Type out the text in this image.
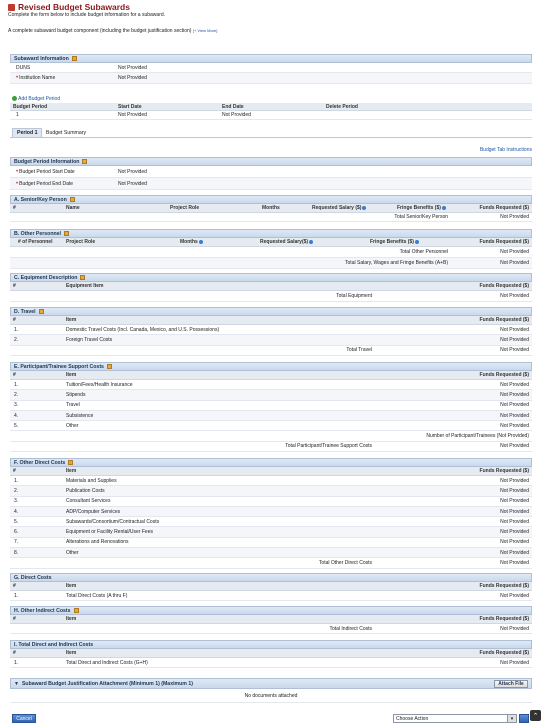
Revised Budget Subawards
Complete the form below to include budget information for a subaward.
A complete subaward budget component (including the budget justification section) [+ View More]
Subaward Information
DUNS	Not Provided
•Institution Name	Not Provided
Add Budget Period
Budget Period	Start Date	End Date	Delete Period
1	Not Provided	Not Provided
Period 1	Budget Summary
Budget Tab Instructions
Budget Period Information
•Budget Period Start Date	Not Provided
•Budget Period End Date	Not Provided
A. Senior/Key Person
#	Name	Project Role	Months	Requested Salary ($)	Fringe Benefits ($)	Funds Requested ($)
Total Senior/Key Person	Not Provided
B. Other Personnel
# of Personnel	Project Role	Months	Requested Salary($)	Fringe Benefits ($)	Funds Requested ($)
Total Other Personnel	Not Provided
Total Salary, Wages and Fringe Benefits (A+B)	Not Provided
C. Equipment Description
#	Equipment Item	Funds Requested ($)
Total Equipment	Not Provided
D. Travel
#	Item	Funds Requested ($)
1.	Domestic Travel Costs (Incl. Canada, Mexico, and U.S. Possessions)	Not Provided
2.	Foreign Travel Costs	Not Provided
Total Travel	Not Provided
E. Participant/Trainee Support Costs
#	Item	Funds Requested ($)
1.	Tuition/Fees/Health Insurance	Not Provided
2.	Stipends	Not Provided
3.	Travel	Not Provided
4.	Subsistence	Not Provided
5.	Other	Not Provided
Number of Participant/Trainees (Not Provided)
Total Participant/Trainee Support Costs	Not Provided
F. Other Direct Costs
#	Item	Funds Requested ($)
1.	Materials and Supplies	Not Provided
2.	Publication Costs	Not Provided
3.	Consultant Services	Not Provided
4.	ADP/Computer Services	Not Provided
5.	Subawards/Consortium/Contractual Costs	Not Provided
6.	Equipment or Facility Rental/User Fees	Not Provided
7.	Alterations and Renovations	Not Provided
8.	Other	Not Provided
Total Other Direct Costs	Not Provided
G. Direct Costs
#	Item	Funds Requested ($)
1.	Total Direct Costs (A thru F)	Not Provided
H. Other Indirect Costs
#	Item	Funds Requested ($)
Total Indirect Costs	Not Provided
I. Total Direct and Indirect Costs
#	Item	Funds Requested ($)
1.	Total Direct and Indirect Costs (G+H)	Not Provided
▼ Subaward Budget Justification Attachment (Minimum 1) (Maximum 1)	Attach File
No documents attached
Cancel	Choose Action	▾	⌃
